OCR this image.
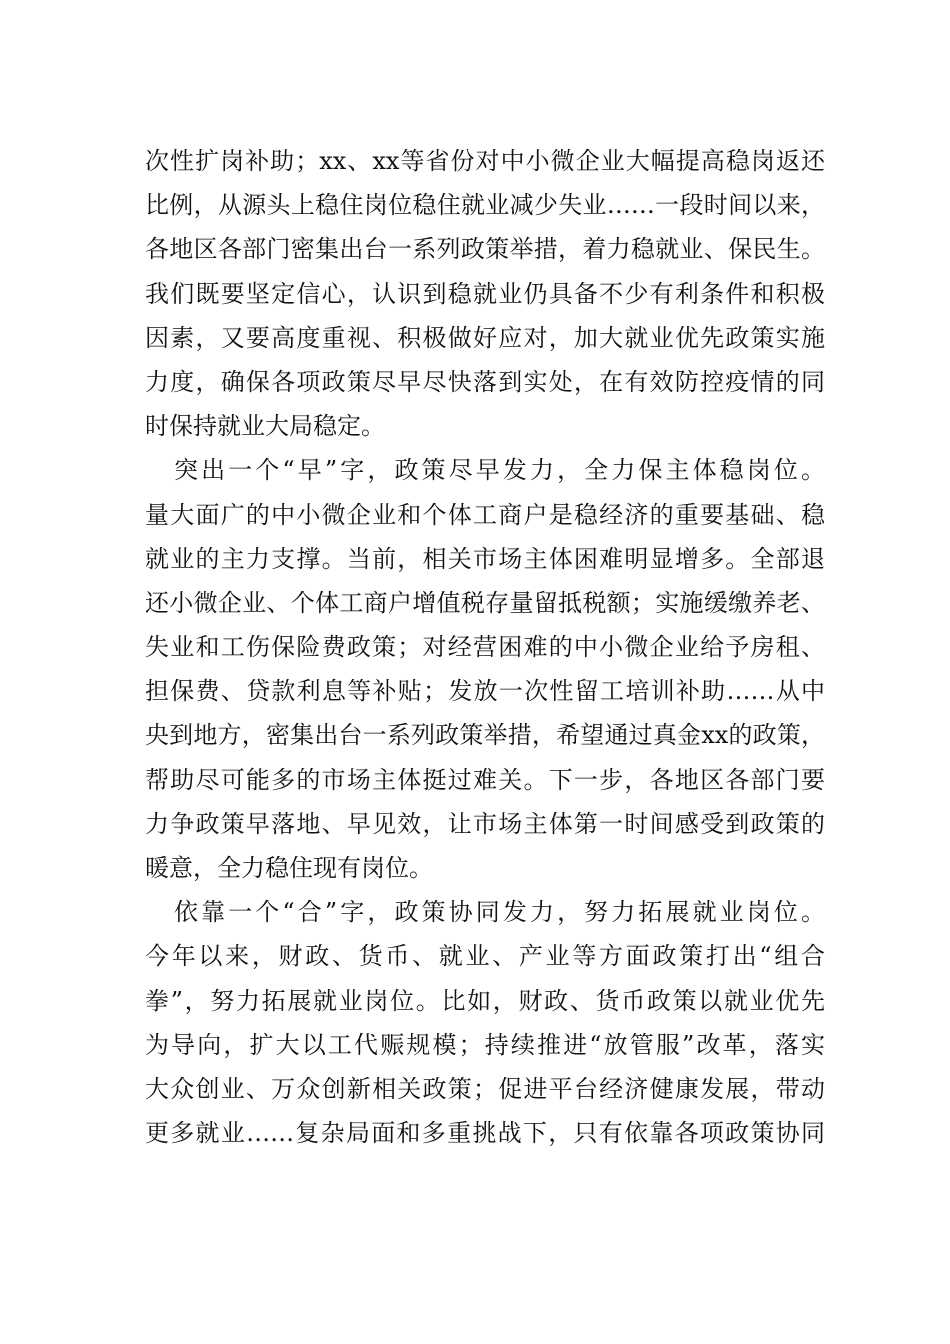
次性扩岗补助；xx、xx等省份对中小微企业大幅提高稳岗返还
比例，从源头上稳住岗位稳住就业减少失业……一段时间以来，
各地区各部门密集出台一系列政策举措，着力稳就业、保民生。
我们既要坚定信心，认识到稳就业仍具备不少有利条件和积极
因素，又要高度重视、积极做好应对，加大就业优先政策实施
力度，确保各项政策尽早尽快落到实处，在有效防控疫情的同
时保持就业大局稳定。
突出一个“早”字，政策尽早发力，全力保主体稳岗位。
量大面广的中小微企业和个体工商户是稳经济的重要基础、稳
就业的主力支撑。当前，相关市场主体困难明显增多。全部退
还小微企业、个体工商户增值税存量留抵税额；实施缓缴养老、
失业和工伤保险费政策；对经营困难的中小微企业给予房租、
担保费、贷款利息等补贴；发放一次性留工培训补助……从中
央到地方，密集出台一系列政策举措，希望通过真金xx的政策，
帮助尽可能多的市场主体挺过难关。下一步，各地区各部门要
力争政策早落地、早见效，让市场主体第一时间感受到政策的
暖意，全力稳住现有岗位。
依靠一个“合”字，政策协同发力，努力拓展就业岗位。
今年以来，财政、货币、就业、产业等方面政策打出“组合
拳”，努力拓展就业岗位。比如，财政、货币政策以就业优先
为导向，扩大以工代赈规模；持续推进“放管服”改革，落实
大众创业、万众创新相关政策；促进平台经济健康发展，带动
更多就业……复杂局面和多重挑战下，只有依靠各项政策协同
